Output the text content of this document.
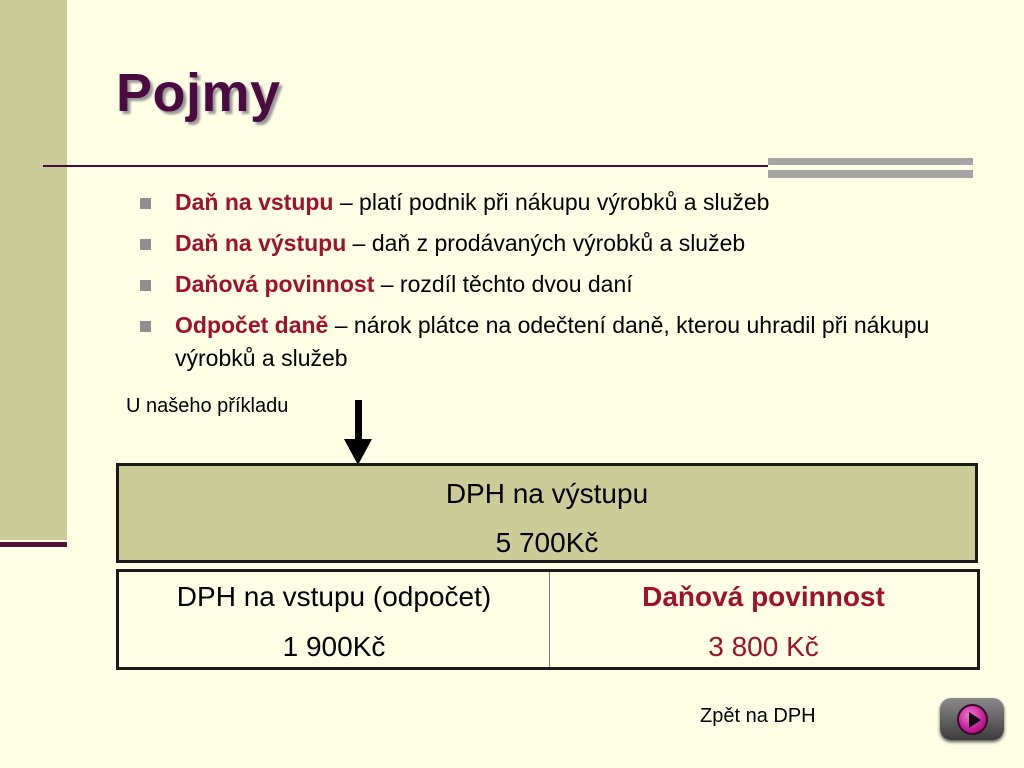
Pojmy
Daň na vstupu – platí podnik při nákupu výrobků a služeb
Daň na výstupu – daň z prodávaných výrobků a služeb
Daňová povinnost – rozdíl těchto dvou daní
Odpočet daně – nárok plátce na odečtení daně, kterou uhradil při nákupu výrobků a služeb
U našeho příkladu
DPH na výstupu
5 700Kč
DPH na vstupu (odpočet)
1 900Kč
Daňová povinnost
3 800 Kč
Zpět na DPH
